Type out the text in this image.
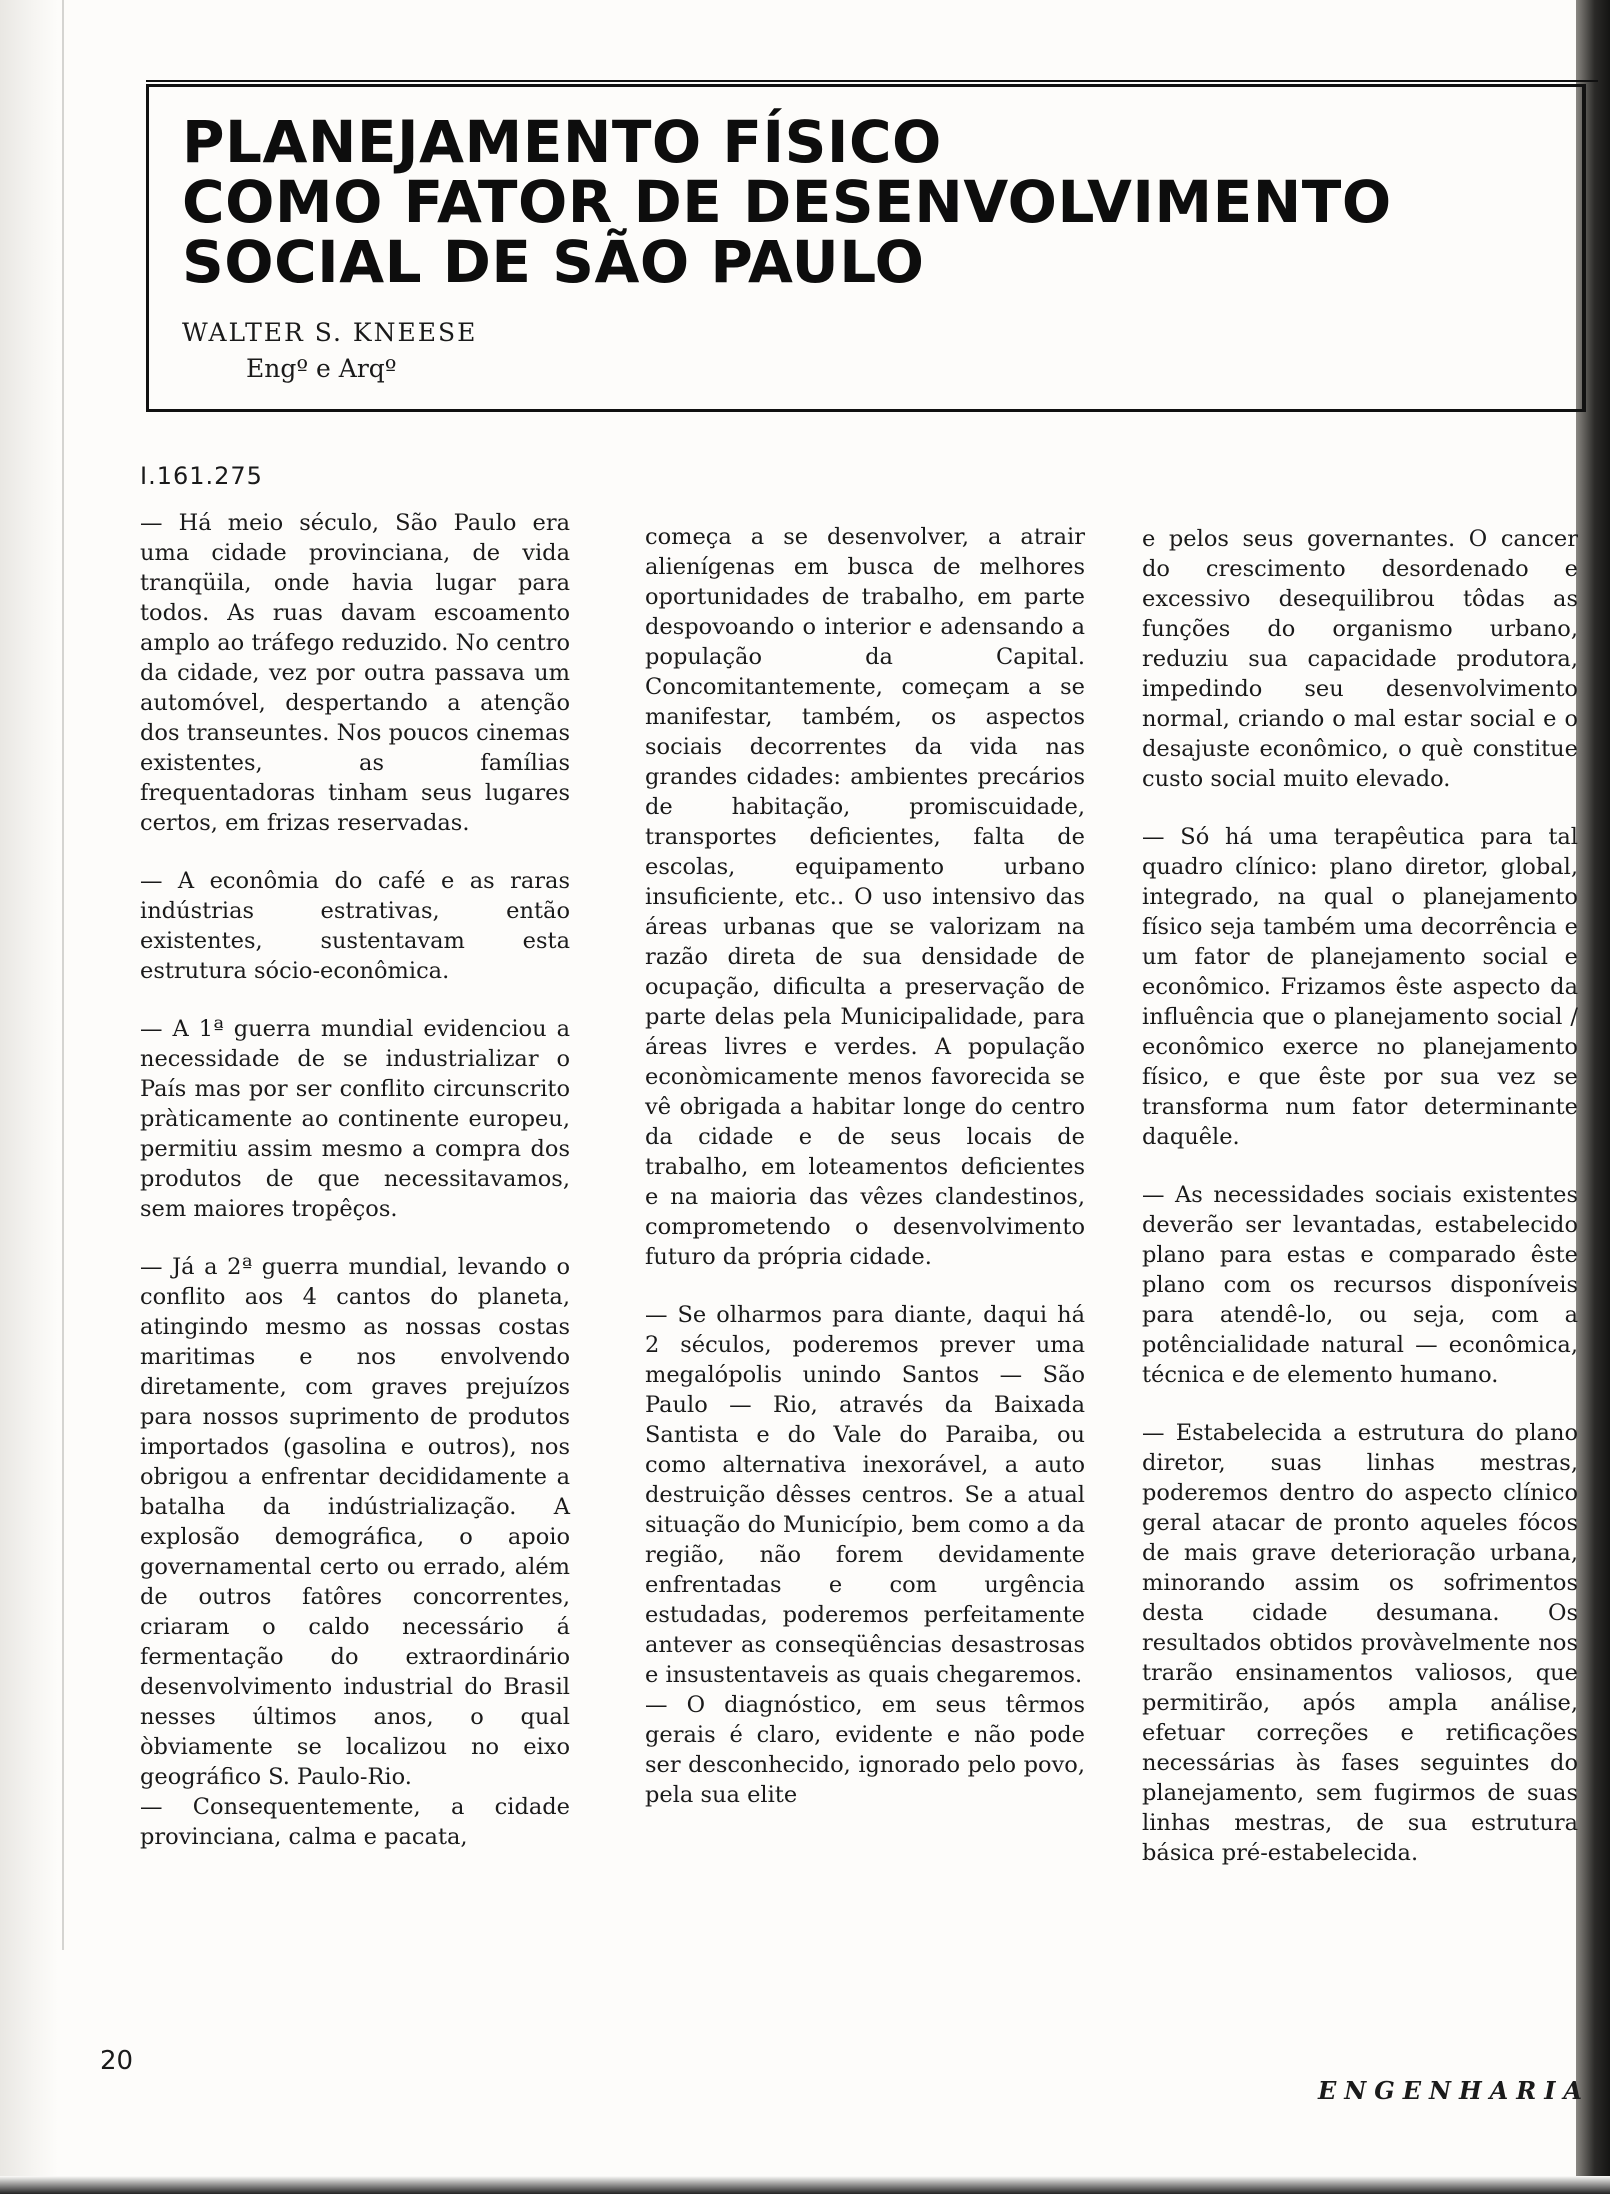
PLANEJAMENTO FÍSICO
COMO FATOR DE DESENVOLVIMENTO
SOCIAL DE SÃO PAULO
WALTER S. KNEESE
Engº e Arqº
I.161.275

— Há meio século, São Paulo era uma cidade provinciana, de vida tranqüila, onde havia lugar para todos. As ruas davam escoamento amplo ao tráfego reduzido. No centro da cidade, vez por outra passava um automóvel, despertando a atenção dos transeuntes. Nos poucos cinemas existentes, as famílias frequentadoras tinham seus lugares certos, em frizas reservadas.

— A econômia do café e as raras indústrias estrativas, então existentes, sustentavam esta estrutura sócio-econômica.

— A 1ª guerra mundial evidenciou a necessidade de se industrializar o País mas por ser conflito circunscrito pràticamente ao continente europeu, permitiu assim mesmo a compra dos produtos de que necessitavamos, sem maiores tropêços.

— Já a 2ª guerra mundial, levando o conflito aos 4 cantos do planeta, atingindo mesmo as nossas costas maritimas e nos envolvendo diretamente, com graves prejuízos para nossos suprimento de produtos importados (gasolina e outros), nos obrigou a enfrentar decididamente a batalha da indústrialização. A explosão demográfica, o apoio governamental certo ou errado, além de outros fatôres concorrentes, criaram o caldo necessário á fermentação do extraordinário desenvolvimento industrial do Brasil nesses últimos anos, o qual òbviamente se localizou no eixo geográfico S. Paulo-Rio.

— Consequentemente, a cidade provinciana, calma e pacata,

começa a se desenvolver, a atrair alienígenas em busca de melhores oportunidades de trabalho, em parte despovoando o interior e adensando a população da Capital. Concomitantemente, começam a se manifestar, também, os aspectos sociais decorrentes da vida nas grandes cidades: ambientes precários de habitação, promiscuidade, transportes deficientes, falta de escolas, equipamento urbano insuficiente, etc.. O uso intensivo das áreas urbanas que se valorizam na razão direta de sua densidade de ocupação, dificulta a preservação de parte delas pela Municipalidade, para áreas livres e verdes. A população econòmicamente menos favorecida se vê obrigada a habitar longe do centro da cidade e de seus locais de trabalho, em loteamentos deficientes e na maioria das vêzes clandestinos, comprometendo o desenvolvimento futuro da própria cidade.

— Se olharmos para diante, daqui há 2 séculos, poderemos prever uma megalópolis unindo Santos — São Paulo — Rio, através da Baixada Santista e do Vale do Paraiba, ou como alternativa inexorável, a auto destruição dêsses centros. Se a atual situação do Município, bem como a da região, não forem devidamente enfrentadas e com urgência estudadas, poderemos perfeitamente antever as conseqüências desastrosas e insustentaveis as quais chegaremos.

— O diagnóstico, em seus têrmos gerais é claro, evidente e não pode ser desconhecido, ignorado pelo povo, pela sua elite

e pelos seus governantes. O cancer do crescimento desordenado e excessivo desequilibrou tôdas as funções do organismo urbano, reduziu sua capacidade produtora, impedindo seu desenvolvimento normal, criando o mal estar social e o desajuste econômico, o què constitue custo social muito elevado.

— Só há uma terapêutica para tal quadro clínico: plano diretor, global, integrado, na qual o planejamento físico seja também uma decorrência e um fator de planejamento social e econômico. Frizamos êste aspecto da influência que o planejamento social / econômico exerce no planejamento físico, e que êste por sua vez se transforma num fator determinante daquêle.

— As necessidades sociais existentes deverão ser levantadas, estabelecido plano para estas e comparado êste plano com os recursos disponíveis para atendê-lo, ou seja, com a potêncialidade natural — econômica, técnica e de elemento humano.

— Estabelecida a estrutura do plano diretor, suas linhas mestras, poderemos dentro do aspecto clínico geral atacar de pronto aqueles fócos de mais grave deterioração urbana, minorando assim os sofrimentos desta cidade desumana. Os resultados obtidos provàvelmente nos trarão ensinamentos valiosos, que permitirão, após ampla análise, efetuar correções e retificações necessárias às fases seguintes do planejamento, sem fugirmos de suas linhas mestras, de sua estrutura básica pré-estabelecida.

20
ENGENHARIA
